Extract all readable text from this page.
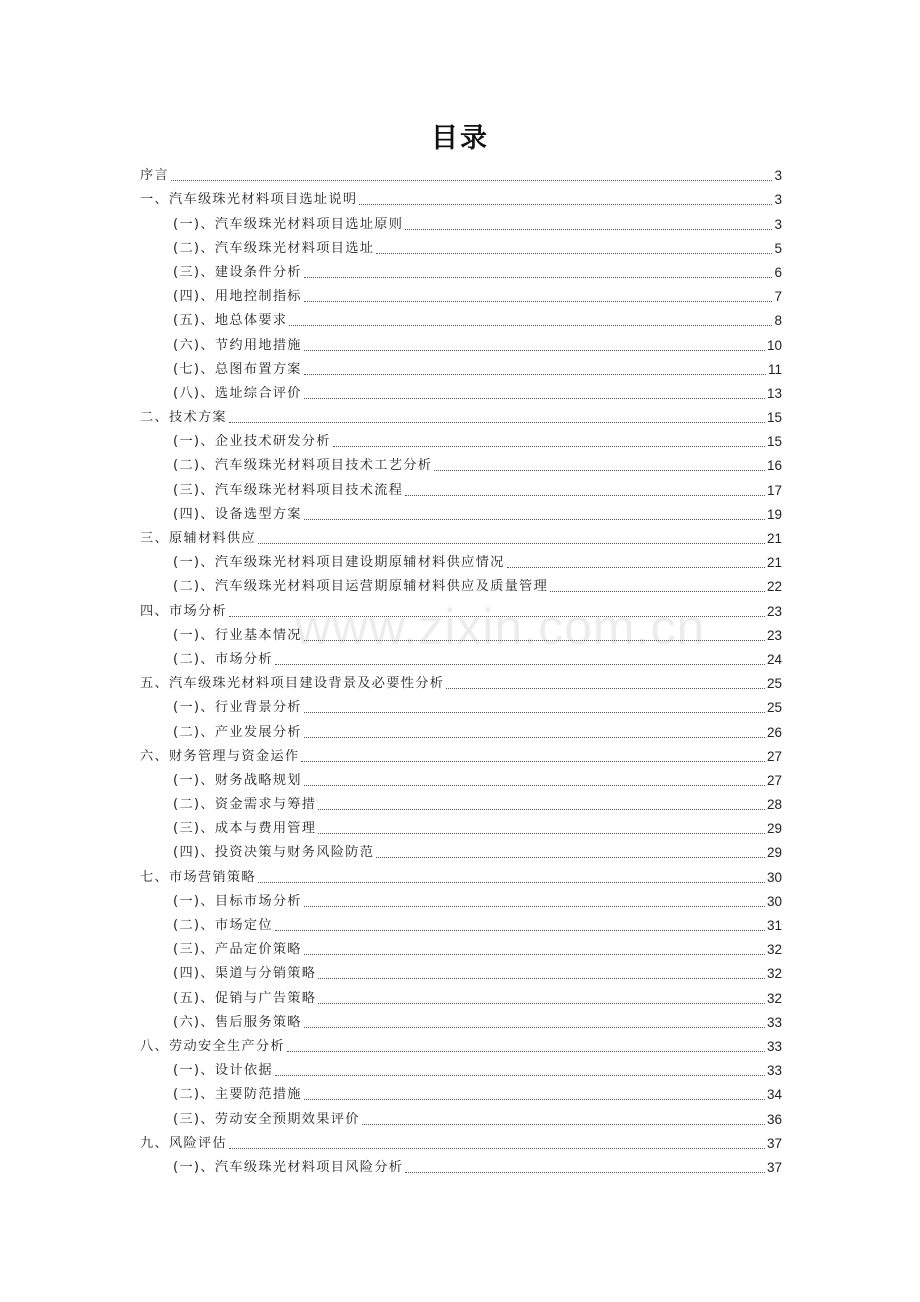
目录
www.zixin.com.cn
序言	3
一、汽车级珠光材料项目选址说明	3
(一)、汽车级珠光材料项目选址原则	3
(二)、汽车级珠光材料项目选址	5
(三)、建设条件分析	6
(四)、用地控制指标	7
(五)、地总体要求	8
(六)、节约用地措施	10
(七)、总图布置方案	11
(八)、选址综合评价	13
二、技术方案	15
(一)、企业技术研发分析	15
(二)、汽车级珠光材料项目技术工艺分析	16
(三)、汽车级珠光材料项目技术流程	17
(四)、设备选型方案	19
三、原辅材料供应	21
(一)、汽车级珠光材料项目建设期原辅材料供应情况	21
(二)、汽车级珠光材料项目运营期原辅材料供应及质量管理	22
四、市场分析	23
(一)、行业基本情况	23
(二)、市场分析	24
五、汽车级珠光材料项目建设背景及必要性分析	25
(一)、行业背景分析	25
(二)、产业发展分析	26
六、财务管理与资金运作	27
(一)、财务战略规划	27
(二)、资金需求与筹措	28
(三)、成本与费用管理	29
(四)、投资决策与财务风险防范	29
七、市场营销策略	30
(一)、目标市场分析	30
(二)、市场定位	31
(三)、产品定价策略	32
(四)、渠道与分销策略	32
(五)、促销与广告策略	32
(六)、售后服务策略	33
八、劳动安全生产分析	33
(一)、设计依据	33
(二)、主要防范措施	34
(三)、劳动安全预期效果评价	36
九、风险评估	37
(一)、汽车级珠光材料项目风险分析	37
